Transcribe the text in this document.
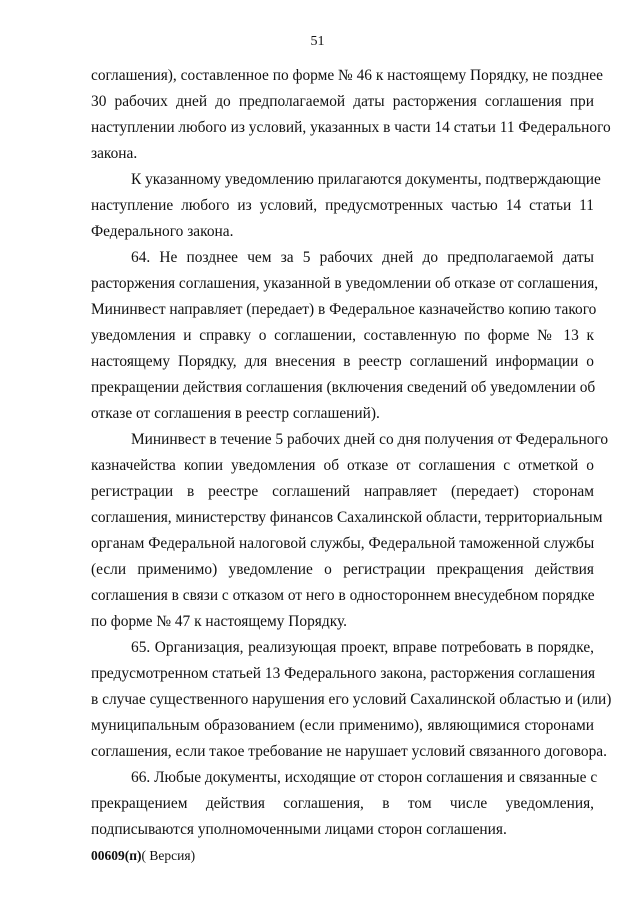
51
соглашения), составленное по форме № 46 к настоящему Порядку, не позднее
30 рабочих дней до предполагаемой даты расторжения соглашения при
наступлении любого из условий, указанных в части 14 статьи 11 Федерального
закона.
К указанному уведомлению прилагаются документы, подтверждающие
наступление любого из условий, предусмотренных частью 14 статьи 11
Федерального закона.
64. Не позднее чем за 5 рабочих дней до предполагаемой даты
расторжения соглашения, указанной в уведомлении об отказе от соглашения,
Мининвест направляет (передает) в Федеральное казначейство копию такого
уведомления и справку о соглашении, составленную по форме № 13 к
настоящему Порядку, для внесения в реестр соглашений информации о
прекращении действия соглашения (включения сведений об уведомлении об
отказе от соглашения в реестр соглашений).
Мининвест в течение 5 рабочих дней со дня получения от Федерального
казначейства копии уведомления об отказе от соглашения с отметкой о
регистрации в реестре соглашений направляет (передает) сторонам
соглашения, министерству финансов Сахалинской области, территориальным
органам Федеральной налоговой службы, Федеральной таможенной службы
(если применимо) уведомление о регистрации прекращения действия
соглашения в связи с отказом от него в одностороннем внесудебном порядке
по форме № 47 к настоящему Порядку.
65. Организация, реализующая проект, вправе потребовать в порядке,
предусмотренном статьей 13 Федерального закона, расторжения соглашения
в случае существенного нарушения его условий Сахалинской областью и (или)
муниципальным образованием (если применимо), являющимися сторонами
соглашения, если такое требование не нарушает условий связанного договора.
66. Любые документы, исходящие от сторон соглашения и связанные с
прекращением действия соглашения, в том числе уведомления,
подписываются уполномоченными лицами сторон соглашения.
00609(п)( Версия)
